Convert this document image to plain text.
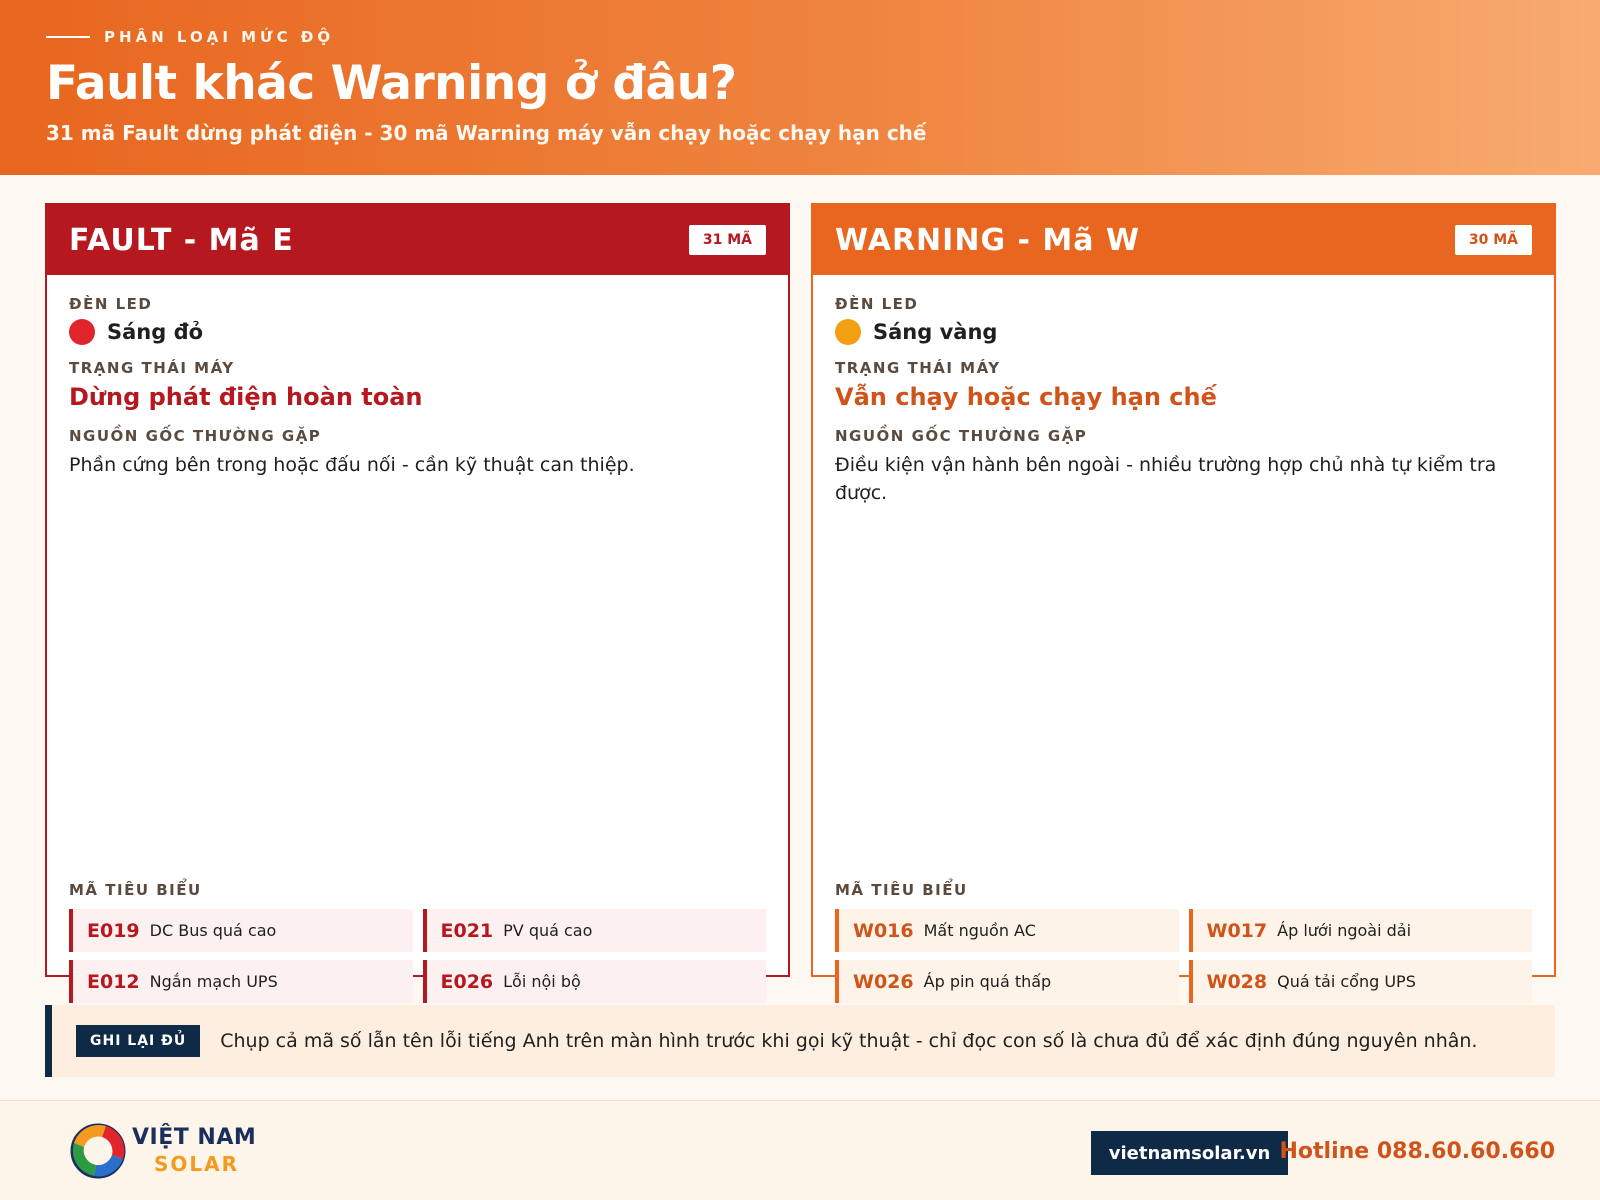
PHÂN LOẠI MỨC ĐỘ
Fault khác Warning ở đâu?
31 mã Fault dừng phát điện - 30 mã Warning máy vẫn chạy hoặc chạy hạn chế
FAULT - Mã E	31 MÃ
ĐÈN LED
Sáng đỏ
TRẠNG THÁI MÁY
Dừng phát điện hoàn toàn
NGUỒN GỐC THƯỜNG GẶP
Phần cứng bên trong hoặc đấu nối - cần kỹ thuật can thiệp.
MÃ TIÊU BIỂU
E019 DC Bus quá cao	E021 PV quá cao
E012 Ngắn mạch UPS	E026 Lỗi nội bộ
WARNING - Mã W	30 MÃ
ĐÈN LED
Sáng vàng
TRẠNG THÁI MÁY
Vẫn chạy hoặc chạy hạn chế
NGUỒN GỐC THƯỜNG GẶP
Điều kiện vận hành bên ngoài - nhiều trường hợp chủ nhà tự kiểm tra được.
MÃ TIÊU BIỂU
W016 Mất nguồn AC	W017 Áp lưới ngoài dải
W026 Áp pin quá thấp	W028 Quá tải cổng UPS
GHI LẠI ĐỦ	Chụp cả mã số lẫn tên lỗi tiếng Anh trên màn hình trước khi gọi kỹ thuật - chỉ đọc con số là chưa đủ để xác định đúng nguyên nhân.
VIỆT NAM
SOLAR	vietnamsolar.vn Hotline 088.60.60.660
